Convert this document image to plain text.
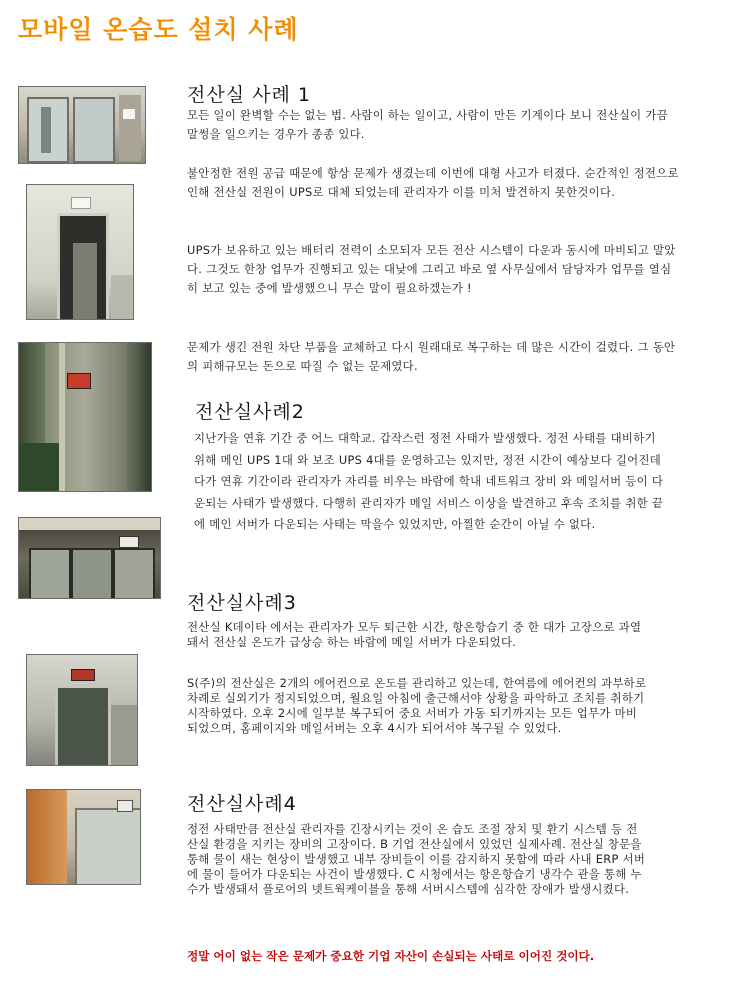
모바일 온습도 설치 사례
전산실 사례 1

모든 일이 완벽할 수는 없는 법. 사람이 하는 일이고, 사람이 만든 기계이다 보니 전산실이 가끔 말썽을 일으키는 경우가 종종 있다.

불안정한 전원 공급 때문에 항상 문제가 생겼는데 이번에 대형 사고가 터졌다. 순간적인 정전으로 인해 전산실 전원이 UPS로 대체 되었는데 관리자가 이를 미처 발견하지 못한것이다.

UPS가 보유하고 있는 배터리 전력이 소모되자 모든 전산 시스템이 다운과 동시에 마비되고 말았다. 그것도 한창 업무가 진행되고 있는 대낮에 그리고 바로 옆 사무실에서 담당자가 업무를 열심히 보고 있는 중에 발생했으니 무슨 말이 필요하겠는가 !

문제가 생긴 전원 차단 부품을 교체하고 다시 원래대로 복구하는 데 많은 시간이 걸렸다. 그 동안의 피해규모는 돈으로 따질 수 없는 문제였다.

전산실사례2

지난가을 연휴 기간 중 어느 대학교. 갑작스런 정전 사태가 발생했다. 정전 사태를 대비하기 위해 메인 UPS 1대 와 보조 UPS 4대를 운영하고는 있지만, 정전 시간이 예상보다 길어진데다가 연휴 기간이라 관리자가 자리를 비우는 바람에 학내 네트워크 장비 와 메일서버 등이 다운되는 사태가 발생했다. 다행히 관리자가 메일 서비스 이상을 발견하고 후속 조치를 취한 끝에 메인 서버가 다운되는 사태는 막을수 있었지만, 아찔한 순간이 아닐 수 없다.

전산실사례3

전산실 K데이타 에서는 관리자가 모두 퇴근한 시간, 항온항습기 중 한 대가 고장으로 과열 돼서 전산실 온도가 급상승 하는 바람에 메일 서버가 다운되었다.

S(주)의 전산실은 2개의 에어컨으로 온도를 관리하고 있는데, 한여름에 에어컨의 과부하로 차례로 실외기가 정지되었으며, 월요일 아침에 출근해서야 상황을 파악하고 조치를 취하기 시작하였다. 오후 2시에 일부분 복구되어 중요 서버가 가동 되기까지는 모든 업무가 마비되었으며, 홈페이지와 메일서버는 오후 4시가 되어서야 복구될 수 있었다.

전산실사례4

정전 사태만큼 전산실 관리자를 긴장시키는 것이 온 습도 조절 장치 및 환기 시스템 등 전산실 환경을 지키는 장비의 고장이다. B 기업 전산실에서 있었던 실제사례. 전산실 창문을 통해 물이 새는 현상이 발생했고 내부 장비들이 이를 감지하지 못함에 따라 사내 ERP 서버에 물이 들어가 다운되는 사건이 발생했다. C 시청에서는 항온항습기 냉각수 관을 통해 누수가 발생돼서 플로어의 넷트웍케이블을 통해 서버시스템에 심각한 장애가 발생시켰다.

정말 어이 없는 작은 문제가 중요한 기업 자산이 손실되는 사태로 이어진 것이다.
